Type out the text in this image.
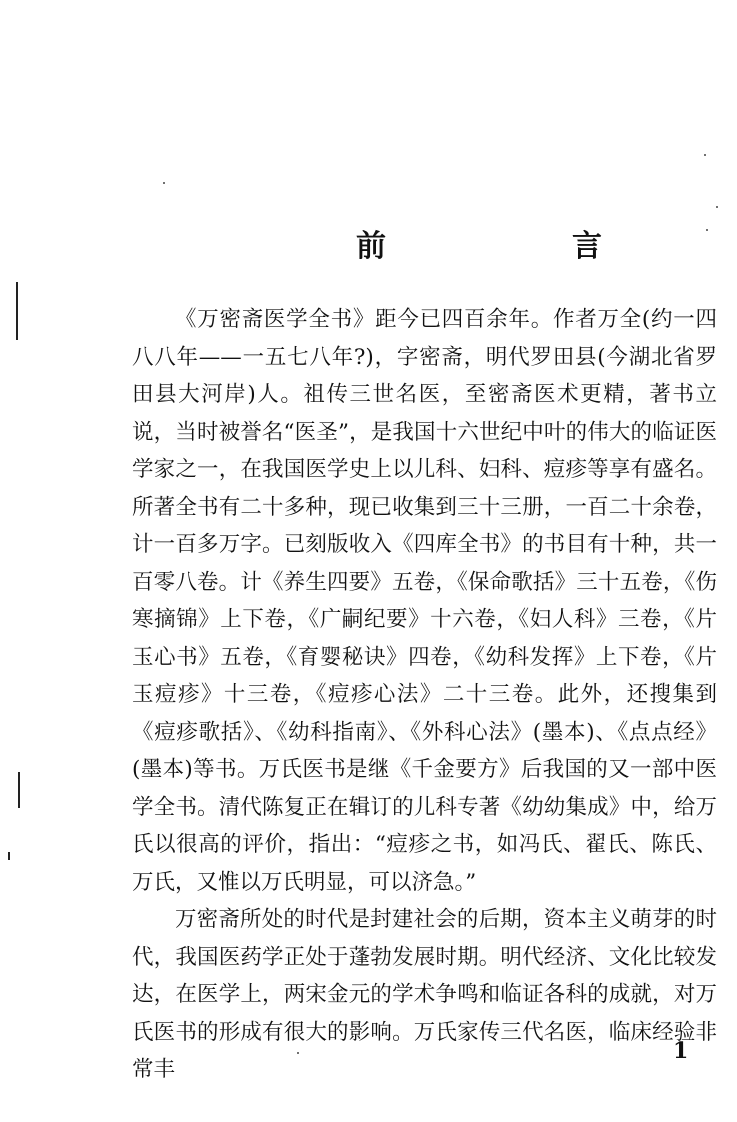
前　言

《万密斋医学全书》距今已四百余年。作者万全(约一四八八年——一五七八年?)，字密斋，明代罗田县(今湖北省罗田县大河岸)人。祖传三世名医，至密斋医术更精，著书立说，当时被誉名“医圣”，是我国十六世纪中叶的伟大的临证医学家之一，在我国医学史上以儿科、妇科、痘疹等享有盛名。所著全书有二十多种，现已收集到三十三册，一百二十余卷，计一百多万字。已刻版收入《四库全书》的书目有十种，共一百零八卷。计《养生四要》五卷，《保命歌括》三十五卷，《伤寒摘锦》上下卷，《广嗣纪要》十六卷，《妇人科》三卷，《片玉心书》五卷，《育婴秘诀》四卷，《幼科发挥》上下卷，《片玉痘疹》十三卷，《痘疹心法》二十三卷。此外，还搜集到《痘疹歌括》、《幼科指南》、《外科心法》(墨本)、《点点经》(墨本)等书。万氏医书是继《千金要方》后我国的又一部中医学全书。清代陈复正在辑订的儿科专著《幼幼集成》中，给万氏以很高的评价，指出：“痘疹之书，如冯氏、翟氏、陈氏、万氏，又惟以万氏明显，可以济急。”

万密斋所处的时代是封建社会的后期，资本主义萌芽的时代，我国医药学正处于蓬勃发展时期。明代经济、文化比较发达，在医学上，两宋金元的学术争鸣和临证各科的成就，对万氏医书的形成有很大的影响。万氏家传三代名医，临床经验非常丰

1
